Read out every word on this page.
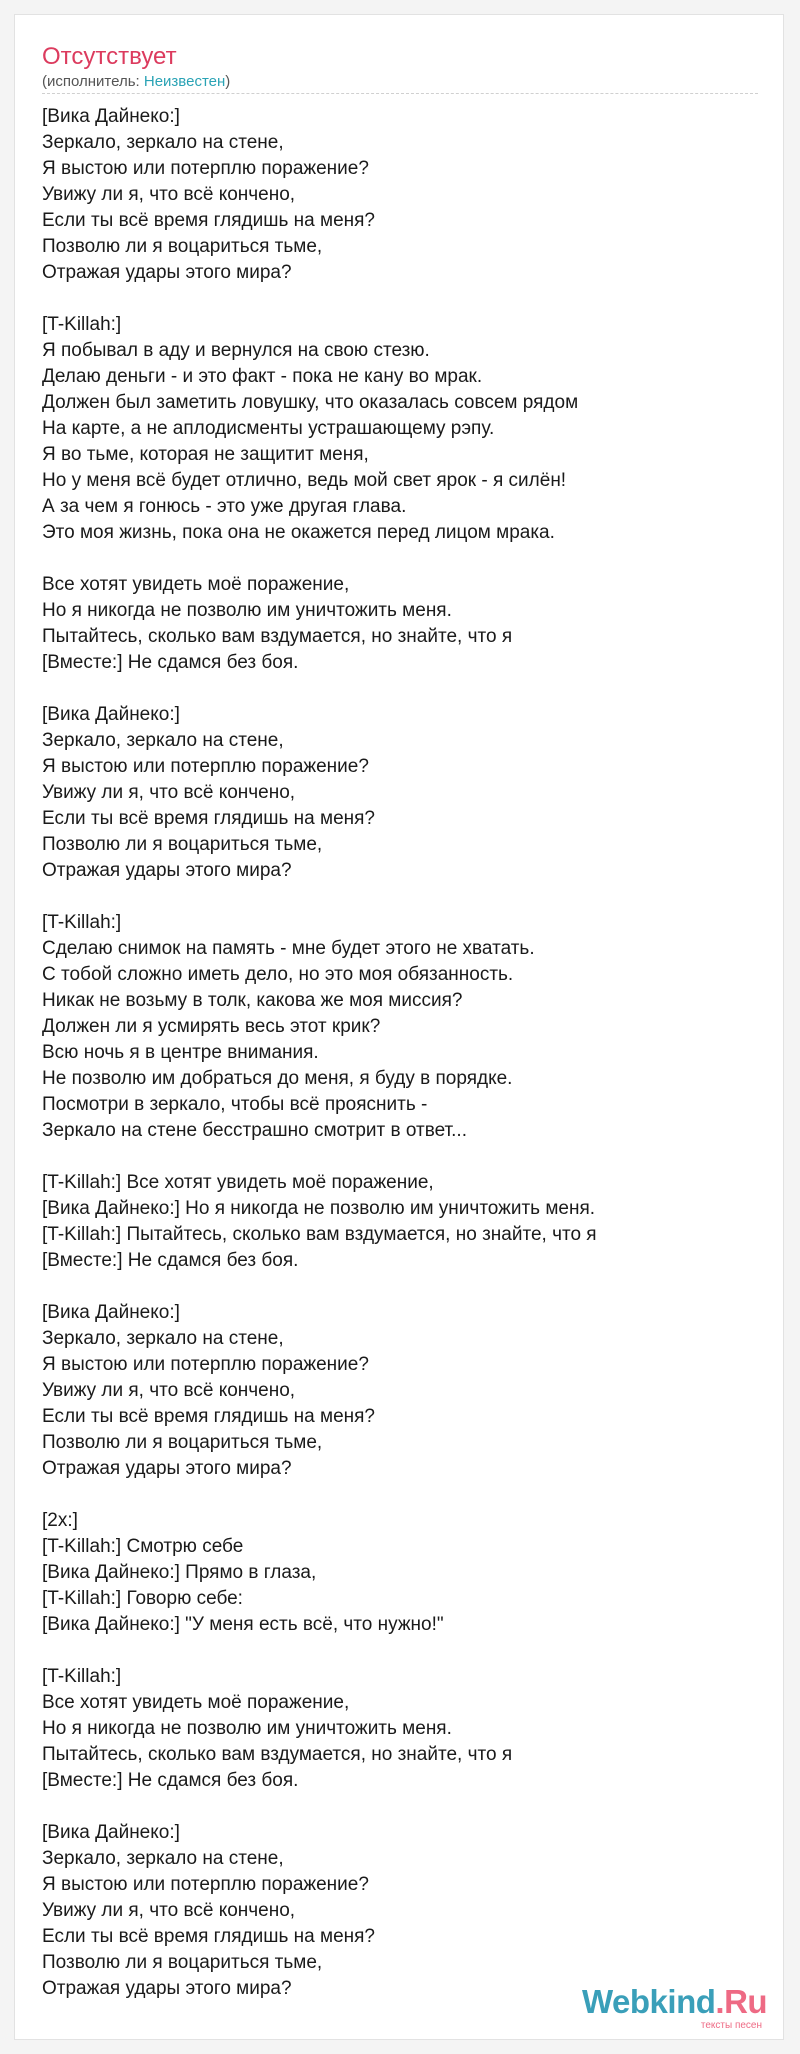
Отсутствует
(исполнитель: Неизвестен)
[Вика Дайнеко:]
Зеркало, зеркало на стене,
Я выстою или потерплю поражение?
Увижу ли я, что всё кончено,
Если ты всё время глядишь на меня?
Позволю ли я воцариться тьме,
Отражая удары этого мира?
[T-Killah:]
Я побывал в аду и вернулся на свою стезю.
Делаю деньги - и это факт - пока не кану во мрак.
Должен был заметить ловушку, что оказалась совсем рядом
На карте, а не аплодисменты устрашающему рэпу.
Я во тьме, которая не защитит меня,
Но у меня всё будет отлично, ведь мой свет ярок - я силён!
А за чем я гонюсь - это уже другая глава.
Это моя жизнь, пока она не окажется перед лицом мрака.
Все хотят увидеть моё поражение,
Но я никогда не позволю им уничтожить меня.
Пытайтесь, сколько вам вздумается, но знайте, что я
[Вместе:] Не сдамся без боя.
[Вика Дайнеко:]
Зеркало, зеркало на стене,
Я выстою или потерплю поражение?
Увижу ли я, что всё кончено,
Если ты всё время глядишь на меня?
Позволю ли я воцариться тьме,
Отражая удары этого мира?
[T-Killah:]
Сделаю снимок на память - мне будет этого не хватать.
С тобой сложно иметь дело, но это моя обязанность.
Никак не возьму в толк, какова же моя миссия?
Должен ли я усмирять весь этот крик?
Всю ночь я в центре внимания.
Не позволю им добраться до меня, я буду в порядке.
Посмотри в зеркало, чтобы всё прояснить -
Зеркало на стене бесстрашно смотрит в ответ...
[T-Killah:] Все хотят увидеть моё поражение,
[Вика Дайнеко:] Но я никогда не позволю им уничтожить меня.
[T-Killah:] Пытайтесь, сколько вам вздумается, но знайте, что я
[Вместе:] Не сдамся без боя.
[Вика Дайнеко:]
Зеркало, зеркало на стене,
Я выстою или потерплю поражение?
Увижу ли я, что всё кончено,
Если ты всё время глядишь на меня?
Позволю ли я воцариться тьме,
Отражая удары этого мира?
[2x:]
[T-Killah:] Смотрю себе
[Вика Дайнеко:] Прямо в глаза,
[T-Killah:] Говорю себе:
[Вика Дайнеко:] "У меня есть всё, что нужно!"
[T-Killah:]
Все хотят увидеть моё поражение,
Но я никогда не позволю им уничтожить меня.
Пытайтесь, сколько вам вздумается, но знайте, что я
[Вместе:] Не сдамся без боя.
[Вика Дайнеко:]
Зеркало, зеркало на стене,
Я выстою или потерплю поражение?
Увижу ли я, что всё кончено,
Если ты всё время глядишь на меня?
Позволю ли я воцариться тьме,
Отражая удары этого мира?	Webkind.Ru
тексты песен
